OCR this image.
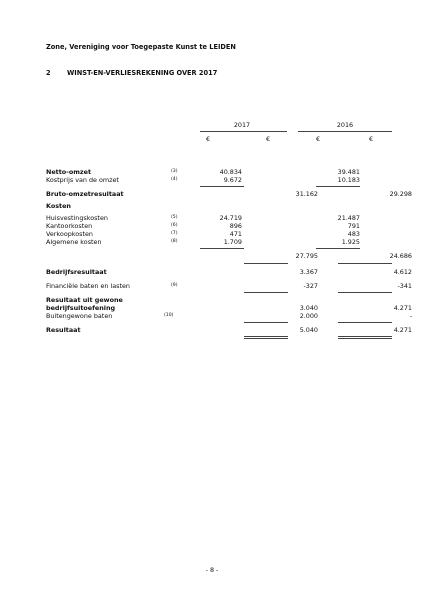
Zone, Vereniging voor Toegepaste Kunst te LEIDEN
2 WINST-EN-VERLIESREKENING OVER 2017
2017	2016
€	€	€	€
Netto-omzet	(3)	40.834	39.481
Kostprijs van de omzet	(4)	9.672	10.183
Bruto-omzetresultaat	31.162	29.298
Kosten
Huisvestingskosten	(5)	24.719	21.487
Kantoorkosten	(6)	896	791
Verkoopkosten	(7)	471	483
Algemene kosten	(8)	1.709	1.925
27.795	24.686
Bedrijfsresultaat	3.367	4.612
Financiële baten en lasten	(9)	-327	-341
Resultaat uit gewone
bedrijfsuitoefening	3.040	4.271
Buitengewone baten	(10)	2.000	-
Resultaat	5.040	4.271
- 8 -
